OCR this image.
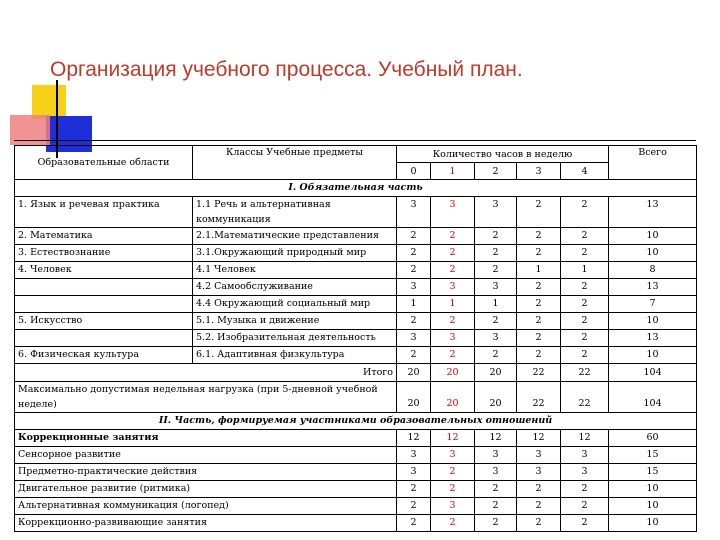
Организация учебного процесса. Учебный план.
Образовательные области	Классы Учебные предметы	Количество часов в неделю					Всего
		0	1	2	3	4	
I. Обязательная часть							
1. Язык и речевая практика	1.1 Речь и альтернативная коммуникация	3	3	3	2	2	13
2. Математика	2.1.Математические представления	2	2	2	2	2	10
3. Естествознание	3.1.Окружающий природный мир	2	2	2	2	2	10
4. Человек	4.1 Человек	2	2	2	1	1	8
	4.2 Самообслуживание	3	3	3	2	2	13
	4.4 Окружающий социальный мир	1	1	1	2	2	7
5. Искусство	5.1. Музыка и движение	2	2	2	2	2	10
	5.2. Изобразительная деятельность	3	3	3	2	2	13
6. Физическая культура	6.1. Адаптивная физкультура	2	2	2	2	2	10
Итого		20	20	20	22	22	104
Максимально допустимая недельная нагрузка (при 5-дневной учебной неделе)		20	20	20	22	22	104
II. Часть, формируемая участниками образовательных отношений							
Коррекционные занятия		12	12	12	12	12	60
Сенсорное развитие		3	3	3	3	3	15
Предметно-практические действия		3	2	3	3	3	15
Двигательное развитие (ритмика)		2	2	2	2	2	10
Альтернативная коммуникация (логопед)		2	3	2	2	2	10
Коррекционно-развивающие занятия		2	2	2	2	2	10
